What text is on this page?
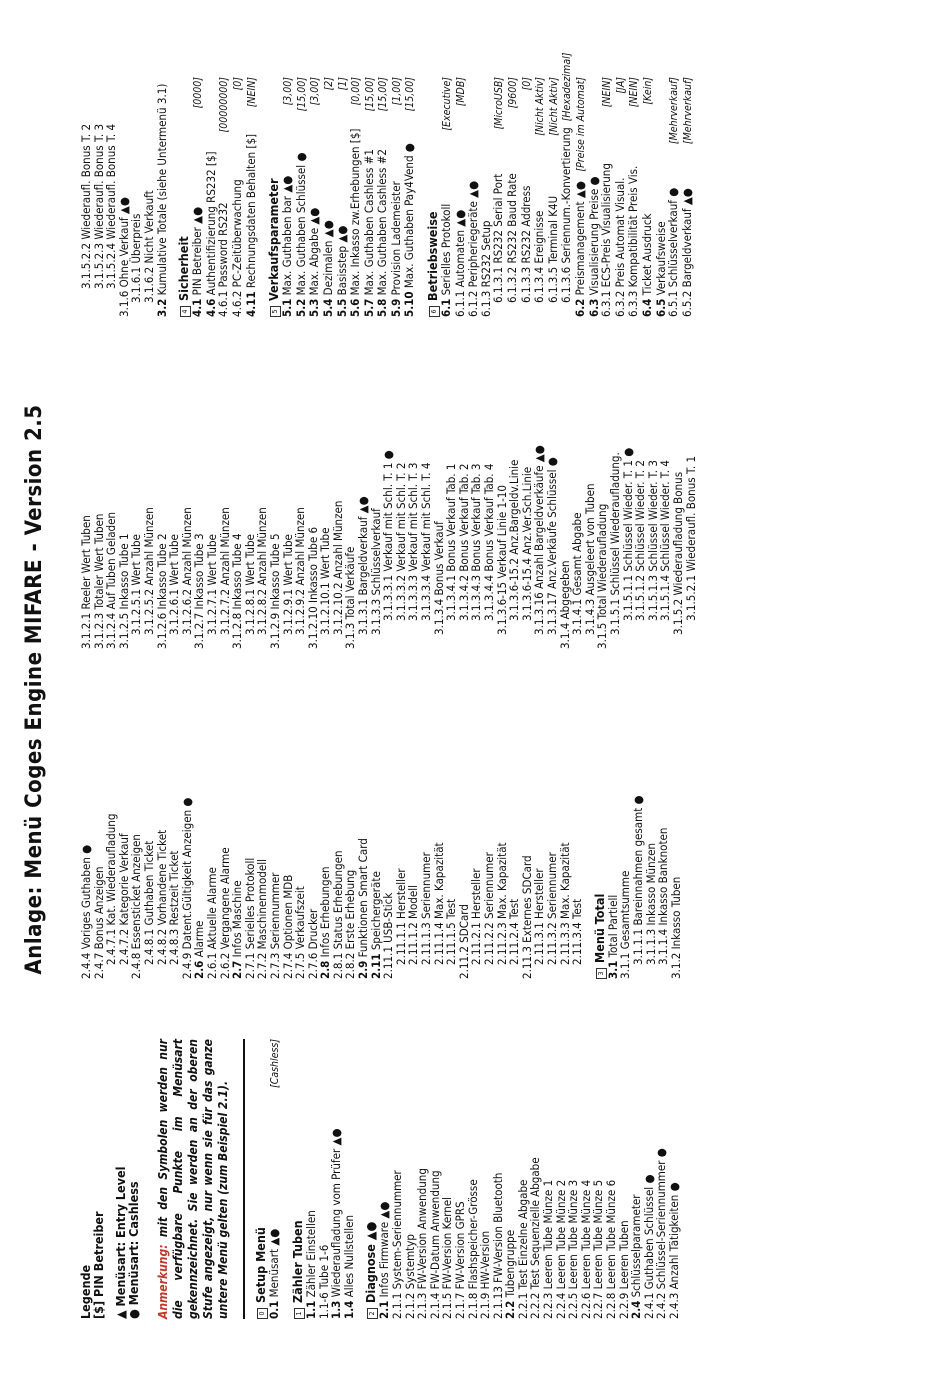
Anlage: Menü Coges Engine MIFARE - Version 2.5
Legende
[$] PIN Betreiber ▲ Menüsart: Entry Level
● Menüsart: Cashless Anmerkung: mit den Symbolen werden nur die verfügbare Punkte im Menüsart gekennzeichnet. Sie werden an der oberen Stufe angezeigt, nur wenn sie für das ganze untere Menü gelten (zum Beispiel 2.1).	0Setup Menü
0.1 Menüsart ▲●
[Cashless]
1Zähler Tuben
1.1 Zähler Einstellen
1.1-6 Tube 1-6
1.3 Wiederaufladung vom Prüfer ▲●
1.4 Alles Nullstellen
2Diagnose ▲●
2.1 Infos Firmware ▲●
2.1.1 System-Seriennummer
2.1.2 Systemtyp
2.1.3 FW-Version Anwendung
2.1.4 FW-Datum Anwendung
2.1.5 FW-Version Kernel
2.1.7 FW-Version GPRS
2.1.8 Flashspeicher-Grösse
2.1.9 HW-Version
2.1.13 FW-Version Bluetooth
2.2 Tubengruppe
2.2.1 Test Einzelne Abgabe
2.2.2 Test Sequenzielle Abgabe
2.2.3 Leeren Tube Münze 1
2.2.4 Leeren Tube Münze 2
2.2.5 Leeren Tube Münze 3
2.2.6 Leeren Tube Münze 4
2.2.7 Leeren Tube Münze 5
2.2.8 Leeren Tube Münze 6
2.2.9 Leeren Tuben
2.4 Schlüsselparameter
2.4.1 Guthaben Schlüssel ●
2.4.2 Schlüssel-Seriennummer ●
2.4.3 Anzahl Tätigkeiten ●
2.4.4 Voriges Guthaben ●
2.4.7 Bonus Anzeigen
2.4.7.1 Kat. Wiederaufladung
2.4.7.2 Kategorie Verkauf
2.4.8 Essensticket Anzeigen
2.4.8.1 Guthaben Ticket
2.4.8.2 Vorhandene Ticket
2.4.8.3 Restzeit Ticket
2.4.9 Datent.Gültigkeit Anzeigen ●
2.6 Alarme
2.6.1 Aktuelle Alarme
2.6.2 Vergangene Alarme
2.7 Infos Maschine
2.7.1 Serielles Protokoll
2.7.2 Maschinenmodell
2.7.3 Seriennummer
2.7.4 Optionen MDB
2.7.5 Verkaufszeit
2.7.6 Drucker
2.8 Infos Erhebungen
2.8.1 Status Erhebungen
2.8.2 Erste Erhebung
2.9 Funktionen Smart Card
2.11 Speichergeräte
2.11.1 USB-Stick
2.11.1.1 Hersteller
2.11.1.2 Modell
2.11.1.3 Seriennumer
2.11.1.4 Max. Kapazität
2.11.1.5 Test
2.11.2 SDCard
2.11.2.1 Hersteller
2.11.2.2 Seriennumer
2.11.2.3 Max. Kapazität
2.11.2.4 Test
2.11.3 Externes SDCard
2.11.3.1 Hersteller
2.11.3.2 Seriennumer
2.11.3.3 Max. Kapazität
2.11.3.4 Test
3Menü Total
3.1 Total Partiell
3.1.1 Gesamtsumme
3.1.1.1 Bareinnahmen gesamt ●
3.1.1.3 Inkasso Münzen
3.1.1.4 Inkasso Banknoten
3.1.2 Inkasso Tuben
3.1.2.1 Reeler Wert Tuben
3.1.2.3 Totaler Wert Tuben
3.1.2.4 Auf Tuben Geladen
3.1.2.5 Inkasso Tube 1
3.1.2.5.1 Wert Tube
3.1.2.5.2 Anzahl Münzen
3.1.2.6 Inkasso Tube 2
3.1.2.6.1 Wert Tube
3.1.2.6.2 Anzahl Münzen
3.1.2.7 Inkasso Tube 3
3.1.2.7.1 Wert Tube
3.1.2.7.2 Anzahl Münzen
3.1.2.8 Inkasso Tube 4
3.1.2.8.1 Wert Tube
3.1.2.8.2 Anzahl Münzen
3.1.2.9 Inkasso Tube 5
3.1.2.9.1 Wert Tube
3.1.2.9.2 Anzahl Münzen
3.1.2.10 Inkasso Tube 6
3.1.2.10.1 Wert Tube
3.1.2.10.2 Anzahl Münzen
3.1.3 Total Verkäufe
3.1.3.1 Bargeldverkauf ▲●
3.1.3.3 Schlüsselverkauf
3.1.3.3.1 Verkauf mit Schl. T. 1 ●
3.1.3.3.2 Verkauf mit Schl. T. 2
3.1.3.3.3 Verkauf mit Schl. T. 3
3.1.3.3.4 Verkauf mit Schl. T. 4
3.1.3.4 Bonus Verkauf
3.1.3.4.1 Bonus Verkauf Tab. 1
3.1.3.4.2 Bonus Verkauf Tab. 2
3.1.3.4.3 Bonus Verkauf Tab. 3
3.1.3.4.4 Bonus Verkauf Tab. 4
3.1.3.6-15 Verkauf Linie 1-10
3.1.3.6-15.2 Anz.Bargeldv.Linie
3.1.3.6-15.4 Anz.Ver.Sch.Linie
3.1.3.16 Anzahl Bargeldverkäufe ▲●
3.1.3.17 Anz.Verkäufe Schlüssel ●
3.1.4 Abgegeben
3.1.4.1 Gesamt Abgabe
3.1.4.3 Ausgeleert von Tuben
3.1.5 Total Wiederaufladung
3.1.5.1 Schlüssel Wiederaufladung.
3.1.5.1.1 Schlüssel Wieder. T. 1 ●
3.1.5.1.2 Schlüssel Wieder. T. 2
3.1.5.1.3 Schlüssel Wieder. T. 3
3.1.5.1.4 Schlüssel Wieder. T. 4
3.1.5.2 Wiederaufladung Bonus
3.1.5.2.1 Wiederaufl. Bonus T. 1
3.1.5.2.2 Wiederaufl. Bonus T. 2
3.1.5.2.3 Wiederaufl. Bonus T. 3
3.1.5.2.4 Wiederaufl. Bonus T. 4
3.1.6 Ohne Verkauf ▲●
3.1.6.1 Überpreis
3.1.6.2 Nicht Verkauft
3.2 Kumulative Totale (siehe Untermenü 3.1)
4Sicherheit
4.1 PIN Betreiber ▲●
[0000]
4.6 Authentifizierung RS232 [$]
4.6.1 Password RS232
[00000000]
4.6.2 PC-Zeitüberwachung
[0]
4.11 Rechnungsdaten Behalten [$]
[NEIN]
5Verkaufsparameter
5.1 Max. Guthaben bar ▲●
[3,00]
5.2 Max. Guthaben Schlüssel ●
[15,00]
5.3 Max. Abgabe ▲●
[3,00]
5.4 Dezimalen ▲●
[2]
5.5 Basisstep ▲●
[1]
5.6 Max. Inkasso zw.Erhebungen [$]
[0,00]
5.7 Max. Guthaben Cashless #1
[15,00]
5.8 Max. Guthaben Cashless #2
[15,00]
5.9 Provision Lademeister
[1,00]
5.10 Max. Guthaben Pay4Vend ●
[15,00]
6Betriebsweise
6.1 Serielles Protokoll
[Executive]
6.1.1 Automaten ▲●
[MDB]
6.1.2 Peripheriegeräte ▲●
6.1.3 RS232 Setup
6.1.3.1 RS232 Serial Port
[MicroUSB]
6.1.3.2 RS232 Baud Rate
[9600]
6.1.3.3 RS232 Address
[0]
6.1.3.4 Ereignisse
[Nicht Aktiv]
6.1.3.5 Terminal K4U
[Nicht Aktiv]
6.1.3.6 Seriennum.-Konvertierung
[Hexadezimal]
6.2 Preismanagement ▲●
[Preise im Automat]
6.3 Visualisierung Preise ●
6.3.1 ECS-Preis Visualisierung
[NEIN]
6.3.2 Preis Automat Visual.
[JA]
6.3.3 Kompatibilität Preis Vis.
[NEIN]
6.4 Ticket Ausdruck
[Kein]
6.5 Verkaufsweise
6.5.1 Schlüsselverkauf ●
[Mehrverkauf]
6.5.2 Bargeldverkauf ▲●
[Mehrverkauf]
